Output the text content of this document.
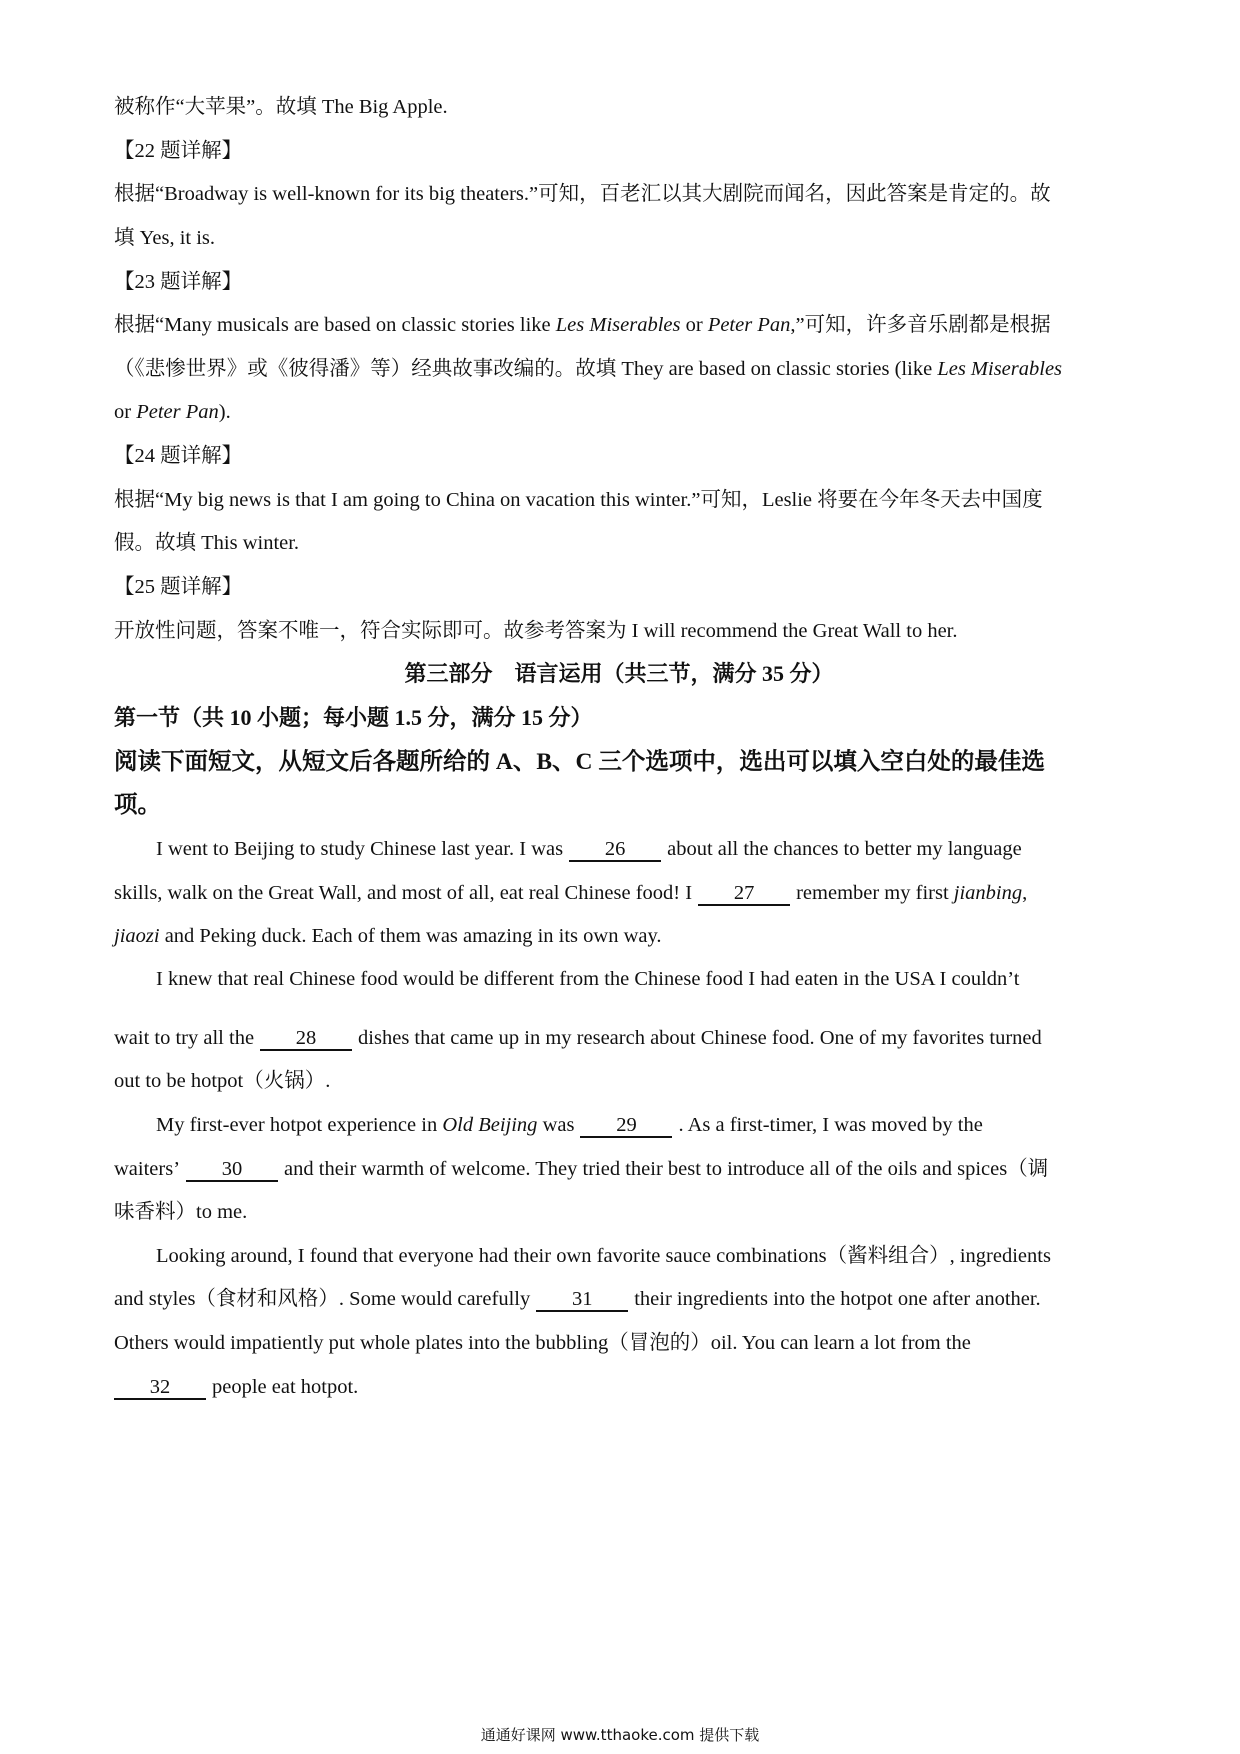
被称作“大苹果”。故填 The Big Apple.
【22 题详解】
根据“Broadway is well-known for its big theaters.”可知，百老汇以其大剧院而闻名，因此答案是肯定的。故
填 Yes, it is.
【23 题详解】
根据“Many musicals are based on classic stories like Les Miserables or Peter Pan,”可知，许多音乐剧都是根据
（《悲惨世界》或《彼得潘》等）经典故事改编的。故填 They are based on classic stories (like Les Miserables
or Peter Pan).
【24 题详解】
根据“My big news is that I am going to China on vacation this winter.”可知，Leslie 将要在今年冬天去中国度
假。故填 This winter.
【25 题详解】
开放性问题，答案不唯一，符合实际即可。故参考答案为 I will recommend the Great Wall to her.
第三部分　语言运用（共三节，满分 35 分）
第一节（共 10 小题；每小题 1.5 分，满分 15 分）
阅读下面短文，从短文后各题所给的 A、B、C 三个选项中，选出可以填入空白处的最佳选
项。
I went to Beijing to study Chinese last year. I was 26 about all the chances to better my language
skills, walk on the Great Wall, and most of all, eat real Chinese food! I 27 remember my first jianbing,
jiaozi and Peking duck. Each of them was amazing in its own way.
I knew that real Chinese food would be different from the Chinese food I had eaten in the USA I couldn’t
wait to try all the 28 dishes that came up in my research about Chinese food. One of my favorites turned
out to be hotpot（火锅）.
My first-ever hotpot experience in Old Beijing was 29 . As a first-timer, I was moved by the
waiters’ 30 and their warmth of welcome. They tried their best to introduce all of the oils and spices（调
味香料）to me.
Looking around, I found that everyone had their own favorite sauce combinations（酱料组合）, ingredients
and styles（食材和风格）. Some would carefully 31 their ingredients into the hotpot one after another.
Others would impatiently put whole plates into the bubbling（冒泡的）oil. You can learn a lot from the
32 people eat hotpot.
通通好课网 www.tthaoke.com 提供下载
